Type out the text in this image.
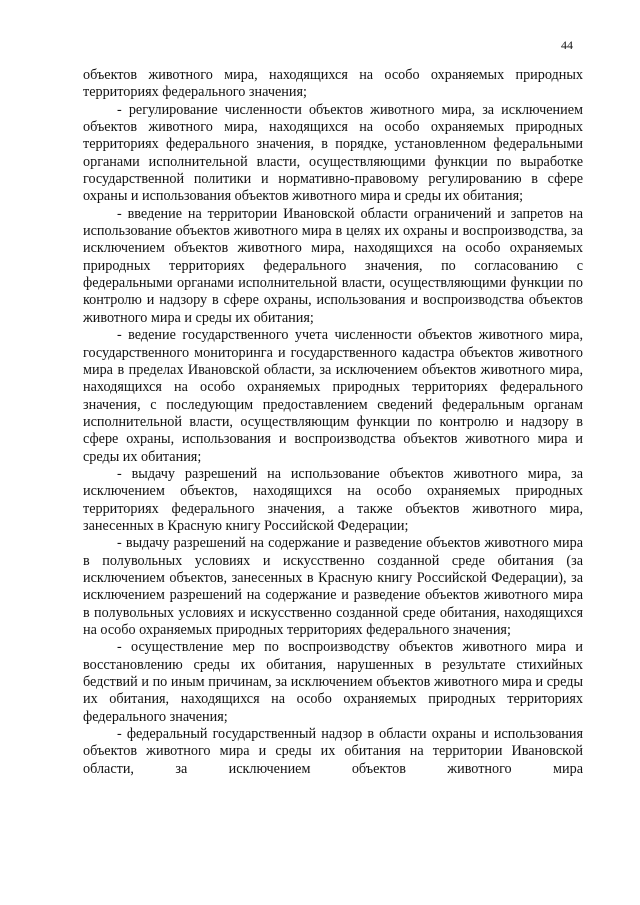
44

объектов животного мира, находящихся на особо охраняемых природных территориях федерального значения;

- регулирование численности объектов животного мира, за исключением объектов животного мира, находящихся на особо охраняемых природных территориях федерального значения, в порядке, установленном федеральными органами исполнительной власти, осуществляющими функции по выработке государственной политики и нормативно-правовому регулированию в сфере охраны и использования объектов животного мира и среды их обитания;

- введение на территории Ивановской области ограничений и запретов на использование объектов животного мира в целях их охраны и воспроизводства, за исключением объектов животного мира, находящихся на особо охраняемых природных территориях федерального значения, по согласованию с федеральными органами исполнительной власти, осуществляющими функции по контролю и надзору в сфере охраны, использования и воспроизводства объектов животного мира и среды их обитания;

- ведение государственного учета численности объектов животного мира, государственного мониторинга и государственного кадастра объектов животного мира в пределах Ивановской области, за исключением объектов животного мира, находящихся на особо охраняемых природных территориях федерального значения, с последующим предоставлением сведений федеральным органам исполнительной власти, осуществляющим функции по контролю и надзору в сфере охраны, использования и воспроизводства объектов животного мира и среды их обитания;

- выдачу разрешений на использование объектов животного мира, за исключением объектов, находящихся на особо охраняемых природных территориях федерального значения, а также объектов животного мира, занесенных в Красную книгу Российской Федерации;

- выдачу разрешений на содержание и разведение объектов животного мира в полувольных условиях и искусственно созданной среде обитания (за исключением объектов, занесенных в Красную книгу Российской Федерации), за исключением разрешений на содержание и разведение объектов животного мира в полувольных условиях и искусственно созданной среде обитания, находящихся на особо охраняемых природных территориях федерального значения;

- осуществление мер по воспроизводству объектов животного мира и восстановлению среды их обитания, нарушенных в результате стихийных бедствий и по иным причинам, за исключением объектов животного мира и среды их обитания, находящихся на особо охраняемых природных территориях федерального значения;

- федеральный государственный надзор в области охраны и использования объектов животного мира и среды их обитания на территории Ивановской области, за исключением объектов животного мира
